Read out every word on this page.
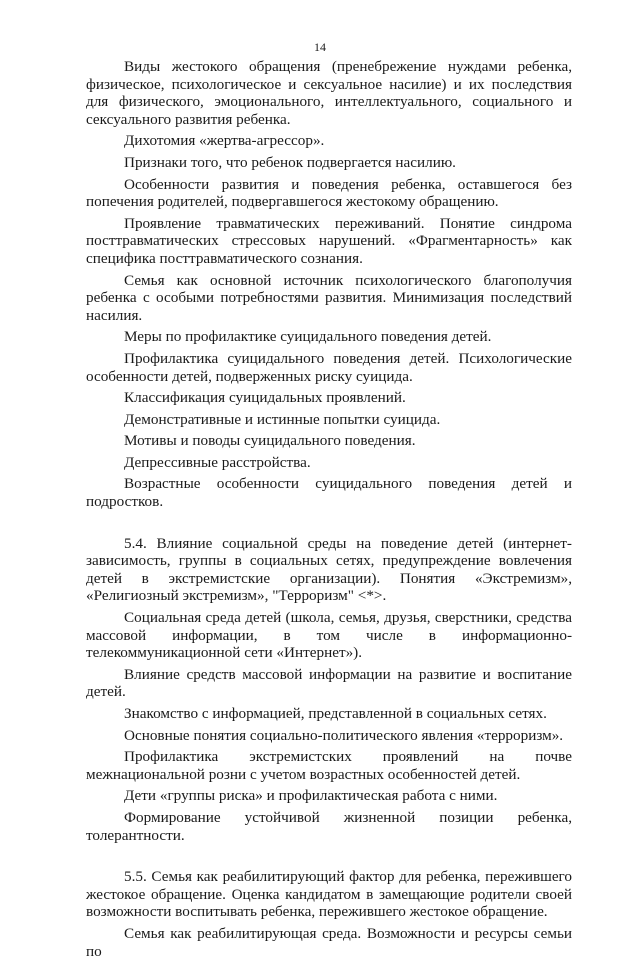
14

Виды жестокого обращения (пренебрежение нуждами ребенка, физическое, психологическое и сексуальное насилие) и их последствия для физического, эмоционального, интеллектуального, социального и сексуального развития ребенка.

Дихотомия «жертва-агрессор».

Признаки того, что ребенок подвергается насилию.

Особенности развития и поведения ребенка, оставшегося без попечения родителей, подвергавшегося жестокому обращению.

Проявление травматических переживаний. Понятие синдрома посттравматических стрессовых нарушений. «Фрагментарность» как специфика посттравматического сознания.

Семья как основной источник психологического благополучия ребенка с особыми потребностями развития. Минимизация последствий насилия.

Меры по профилактике суицидального поведения детей.

Профилактика суицидального поведения детей. Психологические особенности детей, подверженных риску суицида.

Классификация суицидальных проявлений.

Демонстративные и истинные попытки суицида.

Мотивы и поводы суицидального поведения.

Депрессивные расстройства.

Возрастные особенности суицидального поведения детей и подростков.

5.4. Влияние социальной среды на поведение детей (интернет-зависимость, группы в социальных сетях, предупреждение вовлечения детей в экстремистские организации). Понятия «Экстремизм», «Религиозный экстремизм», "Терроризм" <*>.

Социальная среда детей (школа, семья, друзья, сверстники, средства массовой информации, в том числе в информационно-телекоммуникационной сети «Интернет»).

Влияние средств массовой информации на развитие и воспитание детей.

Знакомство с информацией, представленной в социальных сетях.

Основные понятия социально-политического явления «терроризм».

Профилактика экстремистских проявлений на почве межнациональной розни с учетом возрастных особенностей детей.

Дети «группы риска» и профилактическая работа с ними.

Формирование устойчивой жизненной позиции ребенка, толерантности.

5.5. Семья как реабилитирующий фактор для ребенка, пережившего жестокое обращение. Оценка кандидатом в замещающие родители своей возможности воспитывать ребенка, пережившего жестокое обращение.

Семья как реабилитирующая среда. Возможности и ресурсы семьи по
